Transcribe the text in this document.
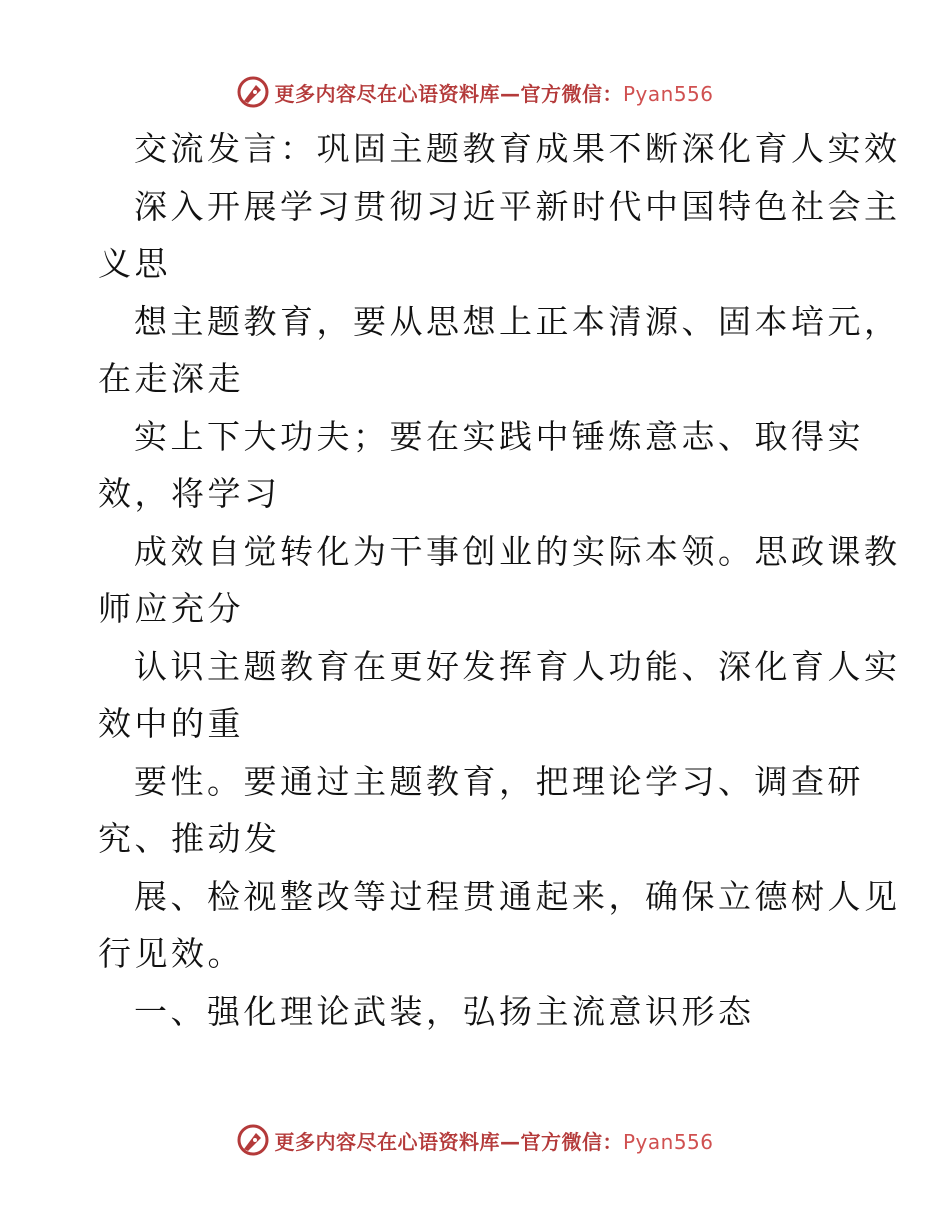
更多内容尽在心语资料库—官方微信：Pyan556
交流发言：巩固主题教育成果不断深化育人实效
深入开展学习贯彻习近平新时代中国特色社会主
义思
想主题教育，要从思想上正本清源、固本培元，
在走深走
实上下大功夫；要在实践中锤炼意志、取得实
效，将学习
成效自觉转化为干事创业的实际本领。思政课教
师应充分
认识主题教育在更好发挥育人功能、深化育人实
效中的重
要性。要通过主题教育，把理论学习、调查研
究、推动发
展、检视整改等过程贯通起来，确保立德树人见
行见效。
一、强化理论武装，弘扬主流意识形态
更多内容尽在心语资料库—官方微信：Pyan556
